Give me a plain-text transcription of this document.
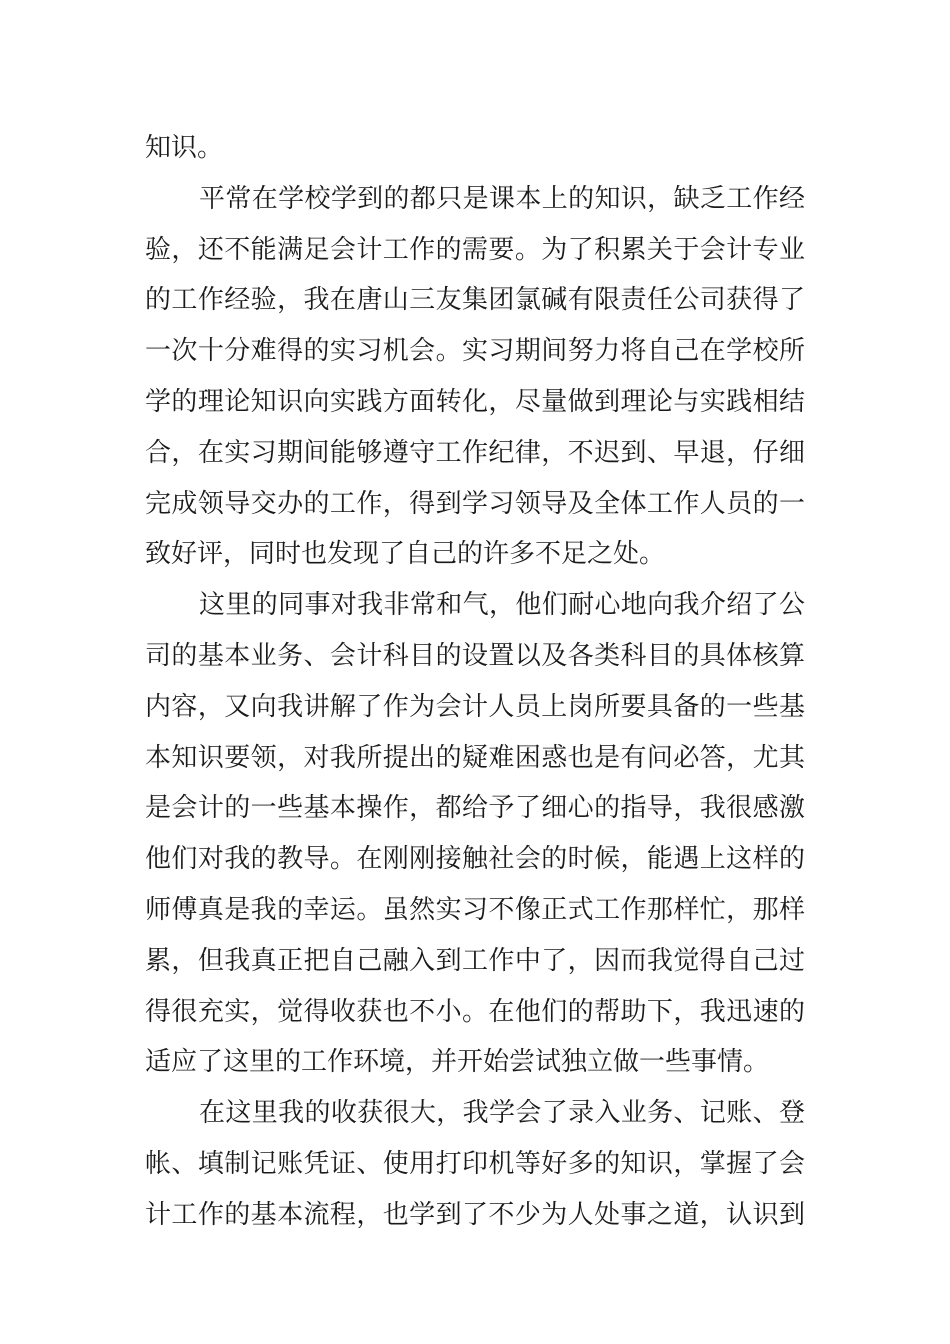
知识。
平常在学校学到的都只是课本上的知识，缺乏工作经
验，还不能满足会计工作的需要。为了积累关于会计专业
的工作经验，我在唐山三友集团氯碱有限责任公司获得了
一次十分难得的实习机会。实习期间努力将自己在学校所
学的理论知识向实践方面转化，尽量做到理论与实践相结
合，在实习期间能够遵守工作纪律，不迟到、早退，仔细
完成领导交办的工作，得到学习领导及全体工作人员的一
致好评，同时也发现了自己的许多不足之处。
这里的同事对我非常和气，他们耐心地向我介绍了公
司的基本业务、会计科目的设置以及各类科目的具体核算
内容，又向我讲解了作为会计人员上岗所要具备的一些基
本知识要领，对我所提出的疑难困惑也是有问必答，尤其
是会计的一些基本操作，都给予了细心的指导，我很感激
他们对我的教导。在刚刚接触社会的时候，能遇上这样的
师傅真是我的幸运。虽然实习不像正式工作那样忙，那样
累，但我真正把自己融入到工作中了，因而我觉得自己过
得很充实，觉得收获也不小。在他们的帮助下，我迅速的
适应了这里的工作环境，并开始尝试独立做一些事情。
在这里我的收获很大，我学会了录入业务、记账、登
帐、填制记账凭证、使用打印机等好多的知识，掌握了会
计工作的基本流程，也学到了不少为人处事之道，认识到
